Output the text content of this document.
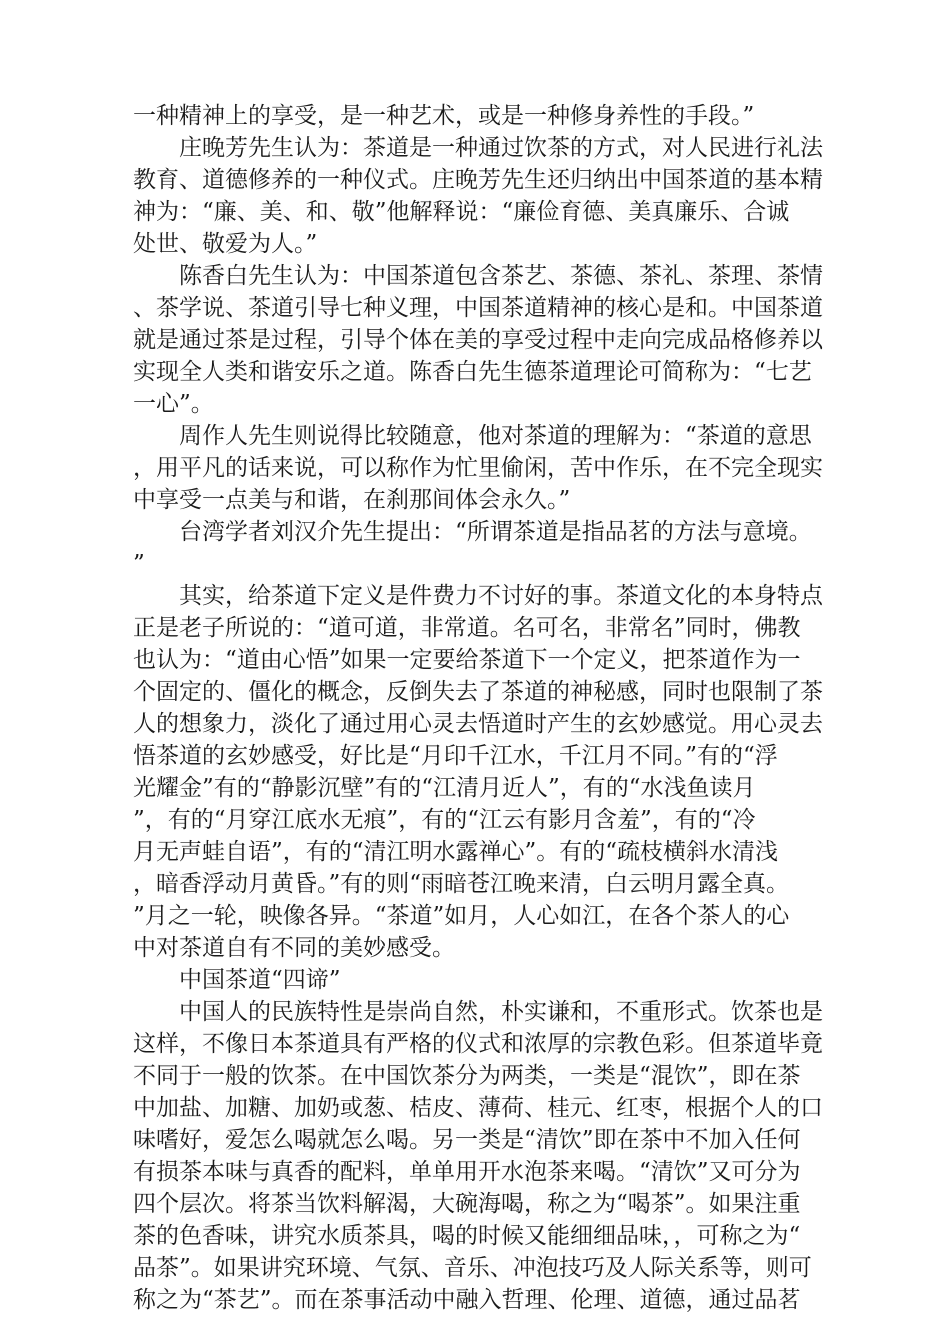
一种精神上的享受，是一种艺术，或是一种修身养性的手段。”
庄晚芳先生认为：茶道是一种通过饮茶的方式，对人民进行礼法
教育、道德修养的一种仪式。庄晚芳先生还归纳出中国茶道的基本精
神为：“廉、美、和、敬”他解释说：“廉俭育德、美真廉乐、合诚
处世、敬爱为人。”
陈香白先生认为：中国茶道包含茶艺、茶德、茶礼、茶理、茶情
、茶学说、茶道引导七种义理，中国茶道精神的核心是和。中国茶道
就是通过茶是过程，引导个体在美的享受过程中走向完成品格修养以
实现全人类和谐安乐之道。陈香白先生德茶道理论可简称为：“七艺
一心”。
周作人先生则说得比较随意，他对茶道的理解为：“茶道的意思
，用平凡的话来说，可以称作为忙里偷闲，苦中作乐，在不完全现实
中享受一点美与和谐，在刹那间体会永久。”
台湾学者刘汉介先生提出：“所谓茶道是指品茗的方法与意境。
”
其实，给茶道下定义是件费力不讨好的事。茶道文化的本身特点
正是老子所说的：“道可道，非常道。名可名，非常名”同时，佛教
也认为：“道由心悟”如果一定要给茶道下一个定义，把茶道作为一
个固定的、僵化的概念，反倒失去了茶道的神秘感，同时也限制了茶
人的想象力，淡化了通过用心灵去悟道时产生的玄妙感觉。用心灵去
悟茶道的玄妙感受，好比是“月印千江水，千江月不同。”有的“浮
光耀金”有的“静影沉壁”有的“江清月近人”，有的“水浅鱼读月
”，有的“月穿江底水无痕”，有的“江云有影月含羞”，有的“冷
月无声蛙自语”，有的“清江明水露禅心”。有的“疏枝横斜水清浅
，暗香浮动月黄昏。”有的则“雨暗苍江晚来清，白云明月露全真。
”月之一轮，映像各异。“茶道”如月，人心如江，在各个茶人的心
中对茶道自有不同的美妙感受。
中国茶道“四谛”
中国人的民族特性是崇尚自然，朴实谦和，不重形式。饮茶也是
这样，不像日本茶道具有严格的仪式和浓厚的宗教色彩。但茶道毕竟
不同于一般的饮茶。在中国饮茶分为两类，一类是“混饮”，即在茶
中加盐、加糖、加奶或葱、桔皮、薄荷、桂元、红枣，根据个人的口
味嗜好，爱怎么喝就怎么喝。另一类是“清饮”即在茶中不加入任何
有损茶本味与真香的配料，单单用开水泡茶来喝。“清饮”又可分为
四个层次。将茶当饮料解渴，大碗海喝，称之为“喝茶”。如果注重
茶的色香味，讲究水质茶具，喝的时候又能细细品味，，可称之为“
品茶”。如果讲究环境、气氛、音乐、冲泡技巧及人际关系等，则可
称之为“茶艺”。而在茶事活动中融入哲理、伦理、道德，通过品茗
